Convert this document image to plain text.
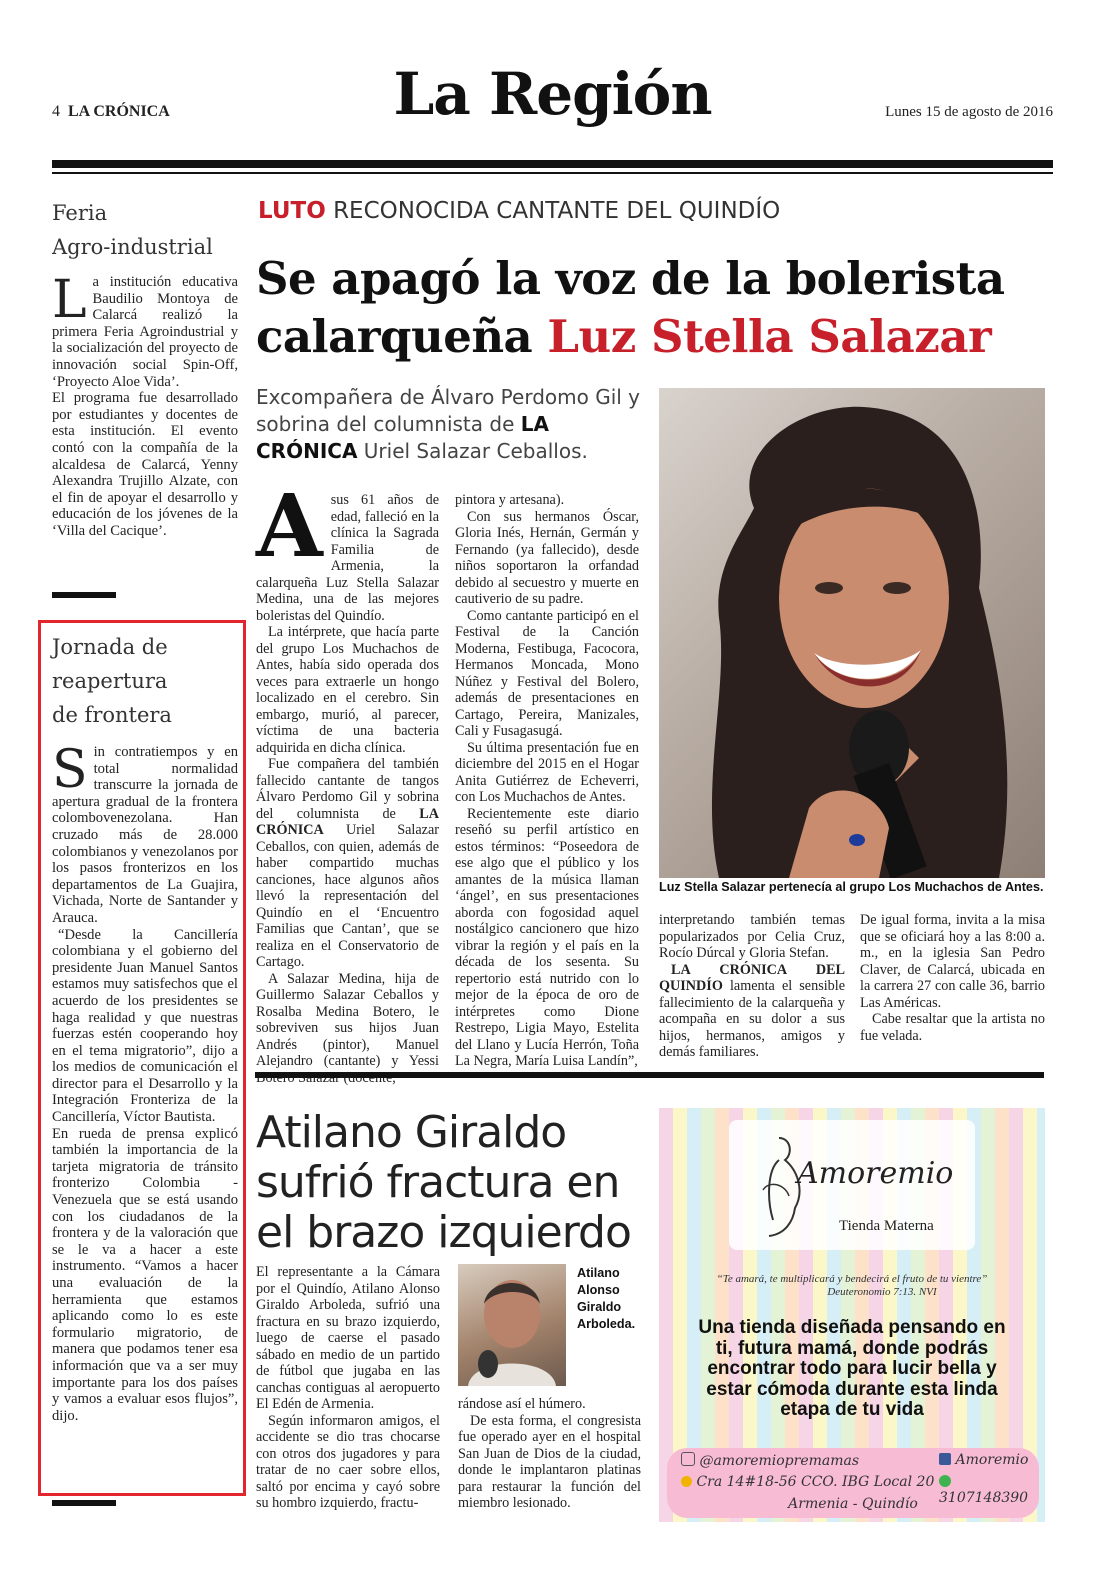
4 LA CRÓNICA	La Región	Lunes 15 de agosto de 2016
Feria
Agro-industrial
L a institución educativa Baudilio Montoya de Calarcá realizó la primera Feria Agroindustrial y la socialización del proyecto de innovación social Spin-Off, ‘Proyecto Aloe Vida’.
El programa fue desarrollado por estudiantes y docentes de esta institución. El evento contó con la compañía de la alcaldesa de Calarcá, Yenny Alexandra Trujillo Alzate, con el fin de apoyar el desarrollo y educación de los jóvenes de la ‘Villa del Cacique’.
Jornada de
reapertura
de frontera
S in contratiempos y en total normalidad transcurre la jornada de apertura gradual de la frontera colombovenezolana. Han cruzado más de 28.000 colombianos y venezolanos por los pasos fronterizos en los departamentos de La Guajira, Vichada, Norte de Santander y Arauca.
“Desde la Cancillería colombiana y el gobierno del presidente Juan Manuel Santos estamos muy satisfechos que el acuerdo de los presidentes se haga realidad y que nuestras fuerzas estén cooperando hoy en el tema migratorio”, dijo a los medios de comunicación el director para el Desarrollo y la Integración Fronteriza de la Cancillería, Víctor Bautista.
En rueda de prensa explicó también la importancia de la tarjeta migratoria de tránsito fronterizo Colombia - Venezuela que se está usando con los ciudadanos de la frontera y de la valoración que se le va a hacer a este instrumento. “Vamos a hacer una evaluación de la herramienta que estamos aplicando como lo es este formulario migratorio, de manera que podamos tener esa información que va a ser muy importante para los dos países y vamos a evaluar esos flujos”, dijo.
LUTO RECONOCIDA CANTANTE DEL QUINDÍO
Se apagó la voz de la bolerista
calarqueña Luz Stella Salazar
Excompañera de Álvaro Perdomo Gil y sobrina del columnista de LA CRÓNICA Uriel Salazar Ceballos.
Luz Stella Salazar pertenecía al grupo Los Muchachos de Antes.

Asus 61 años de edad, falleció en la clínica la Sagrada Familia de Armenia, la calarqueña Luz Stella Salazar Medina, una de las mejores boleristas del Quindío.

La intérprete, que hacía parte del grupo Los Muchachos de Antes, había sido operada dos veces para extraerle un hongo localizado en el cerebro. Sin embargo, murió, al parecer, víctima de una bacteria adquirida en dicha clínica.

Fue compañera del también fallecido cantante de tangos Álvaro Perdomo Gil y sobrina del columnista de LA CRÓNICA Uriel Salazar Ceballos, con quien, además de haber compartido muchas canciones, hace algunos años llevó la representación del Quindío en el ‘Encuentro Familias que Cantan’, que se realiza en el Conservatorio de Cartago.

A Salazar Medina, hija de Guillermo Salazar Ceballos y Rosalba Medina Botero, le sobreviven sus hijos Juan Andrés (pintor), Manuel Alejandro (cantante) y Yessi

pintora y artesana).

Con sus hermanos Óscar, Gloria Inés, Hernán, Germán y Fernando (ya fallecido), desde niños soportaron la orfandad debido al secuestro y muerte en cautiverio de su padre.

Como cantante participó en el Festival de la Canción Moderna, Festibuga, Facocora, Hermanos Moncada, Mono Núñez y Festival del Bolero, además de presentaciones en Cartago, Pereira, Manizales, Cali y Fusagasugá.

Su última presentación fue en diciembre del 2015 en el Hogar Anita Gutiérrez de Echeverri, con Los Muchachos de Antes.

Recientemente este diario reseñó su perfil artístico en estos términos: “Poseedora de ese algo que el público y los amantes de la música llaman ‘ángel’, en sus presentaciones aborda con fogosidad aquel nostálgico cancionero que hizo vibrar la región y el país en la década de los sesenta. Su repertorio está nutrido con lo mejor de la época de oro de intérpretes como Dione Restrepo, Ligia Mayo, Estelita del Llano y Lucía Herrón, Toña La Negra, María Luisa Landín”,

interpretando también temas popularizados por Celia Cruz, Rocío Dúrcal y Gloria Stefan.

LA CRÓNICA DEL QUINDÍO lamenta el sensible fallecimiento de la calarqueña y acompaña en su dolor a sus hijos, hermanos, amigos y demás familiares.

De igual forma, invita a la misa que se oficiará hoy a las 8:00 a. m., en la iglesia San Pedro Claver, de Calarcá, ubicada en la carrera 27 con calle 36, barrio Las Américas.

Cabe resaltar que la artista no fue velada.

Atilano Giraldo
sufrió fractura en
el brazo izquierdo

El representante a la Cámara por el Quindío, Atilano Alonso Giraldo Arboleda, sufrió una fractura en su brazo izquierdo, luego de caerse el pasado sábado en medio de un partido de fútbol que jugaba en las canchas contiguas al aeropuerto El Edén de Armenia.

Según informaron amigos, el accidente se dio tras chocarse con otros dos jugadores y para tratar de no caer sobre ellos, saltó por encima y cayó sobre su hombro izquierdo, fractu-

Atilano Alonso Giraldo Arboleda.

rándose así el húmero.

De esta forma, el congresista fue operado ayer en el hospital San Juan de Dios de la ciudad, donde le implantaron platinas para restaurar la función del miembro lesionado.

Amoremio
Tienda Materna
“Te amará, te multiplicará y bendecirá el fruto de tu vientre”
Deuteronomio 7:13. NVI
Una tienda diseñada pensando en ti, futura mamá, donde podrás encontrar todo para lucir bella y estar cómoda durante esta linda etapa de tu vida
@amoremiopremamas	Amoremio
Cra 14#18-56 CCO. IBG Local 20
3107148390
Armenia - Quindío
